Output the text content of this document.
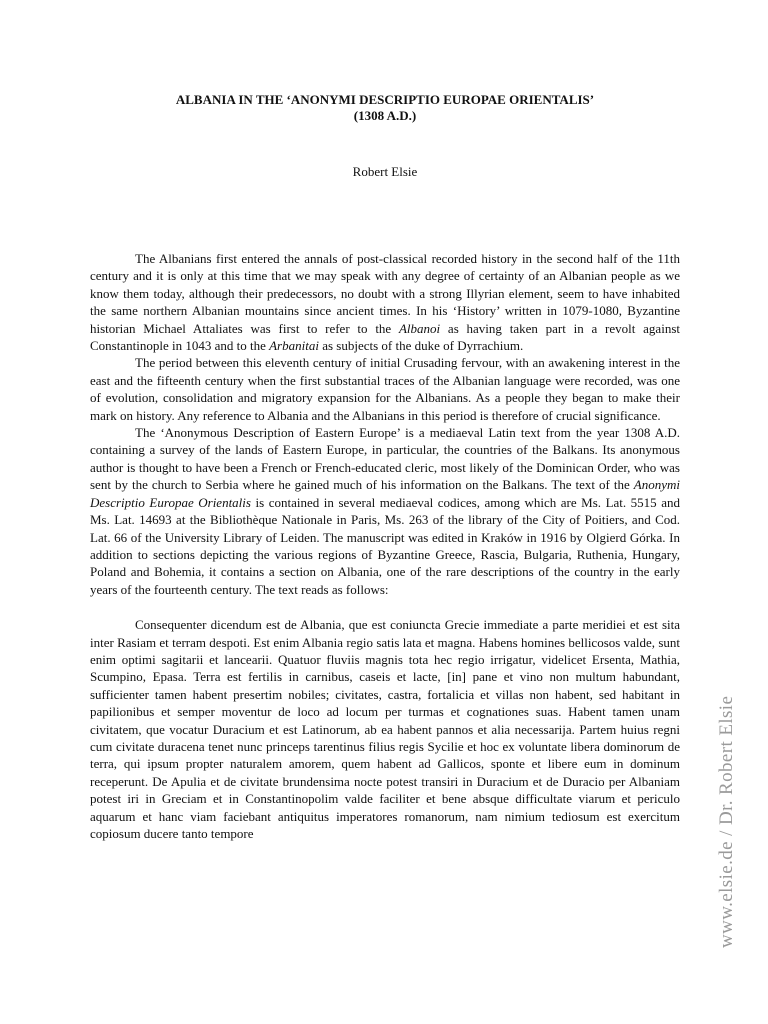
ALBANIA IN THE ‘ANONYMI DESCRIPTIO EUROPAE ORIENTALIS’
(1308 A.D.)

Robert Elsie

The Albanians first entered the annals of post-classical recorded history in the second half of the 11th century and it is only at this time that we may speak with any degree of certainty of an Albanian people as we know them today, although their predecessors, no doubt with a strong Illyrian element, seem to have inhabited the same northern Albanian mountains since ancient times. In his ‘History’ written in 1079-1080, Byzantine historian Michael Attaliates was first to refer to the Albanoi as having taken part in a revolt against Constantinople in 1043 and to the Arbanitai as subjects of the duke of Dyrrachium.

The period between this eleventh century of initial Crusading fervour, with an awakening interest in the east and the fifteenth century when the first substantial traces of the Albanian language were recorded, was one of evolution, consolidation and migratory expansion for the Albanians. As a people they began to make their mark on history. Any reference to Albania and the Albanians in this period is therefore of crucial significance.

The ‘Anonymous Description of Eastern Europe’ is a mediaeval Latin text from the year 1308 A.D. containing a survey of the lands of Eastern Europe, in particular, the countries of the Balkans. Its anonymous author is thought to have been a French or French-educated cleric, most likely of the Dominican Order, who was sent by the church to Serbia where he gained much of his information on the Balkans. The text of the Anonymi Descriptio Europae Orientalis is contained in several mediaeval codices, among which are Ms. Lat. 5515 and Ms. Lat. 14693 at the Bibliothèque Nationale in Paris, Ms. 263 of the library of the City of Poitiers, and Cod. Lat. 66 of the University Library of Leiden. The manuscript was edited in Kraków in 1916 by Olgierd Górka. In addition to sections depicting the various regions of Byzantine Greece, Rascia, Bulgaria, Ruthenia, Hungary, Poland and Bohemia, it contains a section on Albania, one of the rare descriptions of the country in the early years of the fourteenth century. The text reads as follows:

Consequenter dicendum est de Albania, que est coniuncta Grecie immediate a parte meridiei et est sita inter Rasiam et terram despoti. Est enim Albania regio satis lata et magna. Habens homines bellicosos valde, sunt enim optimi sagitarii et lancearii. Quatuor fluviis magnis tota hec regio irrigatur, videlicet Ersenta, Mathia, Scumpino, Epasa. Terra est fertilis in carnibus, caseis et lacte, [in] pane et vino non multum habundant, sufficienter tamen habent presertim nobiles; civitates, castra, fortalicia et villas non habent, sed habitant in papilionibus et semper moventur de loco ad locum per turmas et cognationes suas. Habent tamen unam civitatem, que vocatur Duracium et est Latinorum, ab ea habent pannos et alia necessarija. Partem huius regni cum civitate duracena tenet nunc princeps tarentinus filius regis Sycilie et hoc ex voluntate libera dominorum de terra, qui ipsum propter naturalem amorem, quem habent ad Gallicos, sponte et libere eum in dominum receperunt. De Apulia et de civitate brundensima nocte potest transiri in Duracium et de Duracio per Albaniam potest iri in Greciam et in Constantinopolim valde faciliter et bene absque difficultate viarum et periculo aquarum et hanc viam faciebant antiquitus imperatores romanorum, nam nimium tediosum est exercitum copiosum ducere tanto tempore	www.elsie.de / Dr. Robert Elsie
